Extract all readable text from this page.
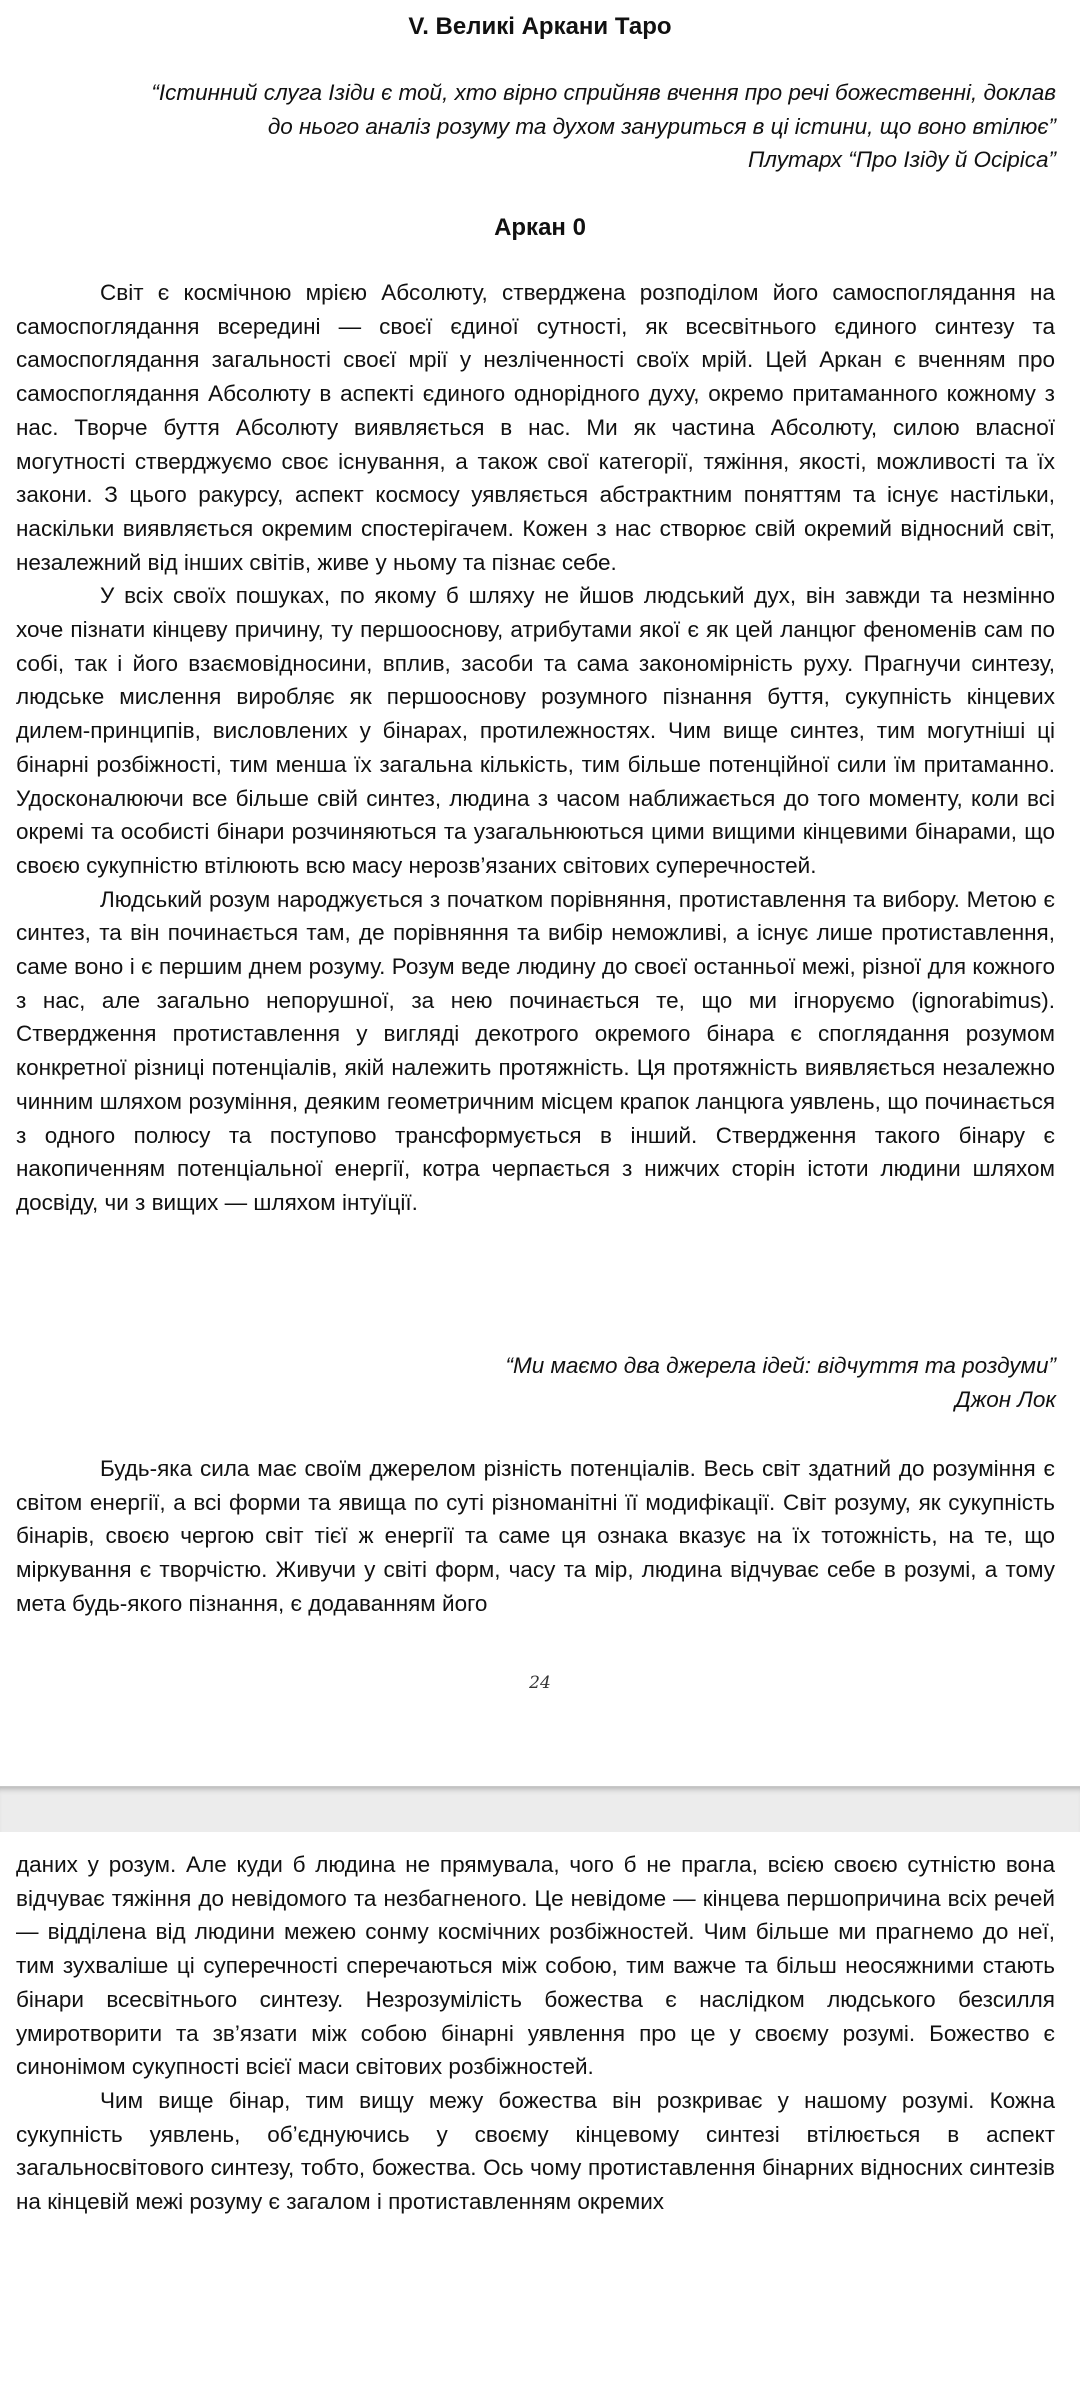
V. Великі Аркани Таро
“Істинний слуга Ізіди є той, хто вірно сприйняв вчення про речі божественні, доклав
до нього аналіз розуму та духом зануриться в ці істини, що воно втілює”
Плутарх “Про Ізіду й Осіріса”
Аркан 0

Світ є космічною мрією Абсолюту, стверджена розподілом його самоспоглядання на самоспоглядання всередині — своєї єдиної сутності, як всесвітнього єдиного синтезу та самоспоглядання загальності своєї мрії у незліченності своїх мрій. Цей Аркан є вченням про самоспоглядання Абсолюту в аспекті єдиного однорідного духу, окремо притаманного кожному з нас. Творче буття Абсолюту виявляється в нас. Ми як частина Абсолюту, силою власної могутності стверджуємо своє існування, а також свої категорії, тяжіння, якості, можливості та їх закони. З цього ракурсу, аспект космосу уявляється абстрактним поняттям та існує настільки, наскільки виявляється окремим спостерігачем. Кожен з нас створює свій окремий відносний світ, незалежний від інших світів, живе у ньому та пізнає себе.

У всіх своїх пошуках, по якому б шляху не йшов людський дух, він завжди та незмінно хоче пізнати кінцеву причину, ту першооснову, атрибутами якої є як цей ланцюг феноменів сам по собі, так і його взаємовідносини, вплив, засоби та сама закономірність руху. Прагнучи синтезу, людське мислення виробляє як першооснову розумного пізнання буття, сукупність кінцевих дилем-принципів, висловлених у бінарах, протилежностях. Чим вище синтез, тим могутніші ці бінарні розбіжності, тим менша їх загальна кількість, тим більше потенційної сили їм притаманно. Удосконалюючи все більше свій синтез, людина з часом наближається до того моменту, коли всі окремі та особисті бінари розчиняються та узагальнюються цими вищими кінцевими бінарами, що своєю сукупністю втілюють всю масу нерозв’язаних світових суперечностей.

Людський розум народжується з початком порівняння, протиставлення та вибору. Метою є синтез, та він починається там, де порівняння та вибір неможливі, а існує лише протиставлення, саме воно і є першим днем розуму. Розум веде людину до своєї останньої межі, різної для кожного з нас, але загально непорушної, за нею починається те, що ми ігноруємо (ignorabimus). Ствердження протиставлення у вигляді декотрого окремого бінара є споглядання розумом конкретної різниці потенціалів, якій належить протяжність. Ця протяжність виявляється незалежно чинним шляхом розуміння, деяким геометричним місцем крапок ланцюга уявлень, що починається з одного полюсу та поступово трансформується в інший. Ствердження такого бінару є накопиченням потенціальної енергії, котра черпається з нижчих сторін істоти людини шляхом досвіду, чи з вищих — шляхом інтуїції.

“Ми маємо два джерела ідей: відчуття та роздуми”
Джон Лок

Будь-яка сила має своїм джерелом різність потенціалів. Весь світ здатний до розуміння є світом енергії, а всі форми та явища по суті різноманітні її модифікації. Світ розуму, як сукупність бінарів, своєю чергою світ тієї ж енергії та саме ця ознака вказує на їх тотожність, на те, що міркування є творчістю. Живучи у світі форм, часу та мір, людина відчуває себе в розумі, а тому мета будь-якого пізнання, є додаванням його

24

даних у розум. Але куди б людина не прямувала, чого б не прагла, всією своєю сутністю вона відчуває тяжіння до невідомого та незбагненого. Це невідоме — кінцева першопричина всіх речей — відділена від людини межею сонму космічних розбіжностей. Чим більше ми прагнемо до неї, тим зухваліше ці суперечності сперечаються між собою, тим важче та більш неосяжними стають бінари всесвітнього синтезу. Незрозумілість божества є наслідком людського безсилля умиротворити та зв’язати між собою бінарні уявлення про це у своєму розумі. Божество є синонімом сукупності всієї маси світових розбіжностей.

Чим вище бінар, тим вищу межу божества він розкриває у нашому розумі. Кожна сукупність уявлень, об’єднуючись у своєму кінцевому синтезі втілюється в аспект загальносвітового синтезу, тобто, божества. Ось чому протиставлення бінарних відносних синтезів на кінцевій межі розуму є загалом і протиставленням окремих
